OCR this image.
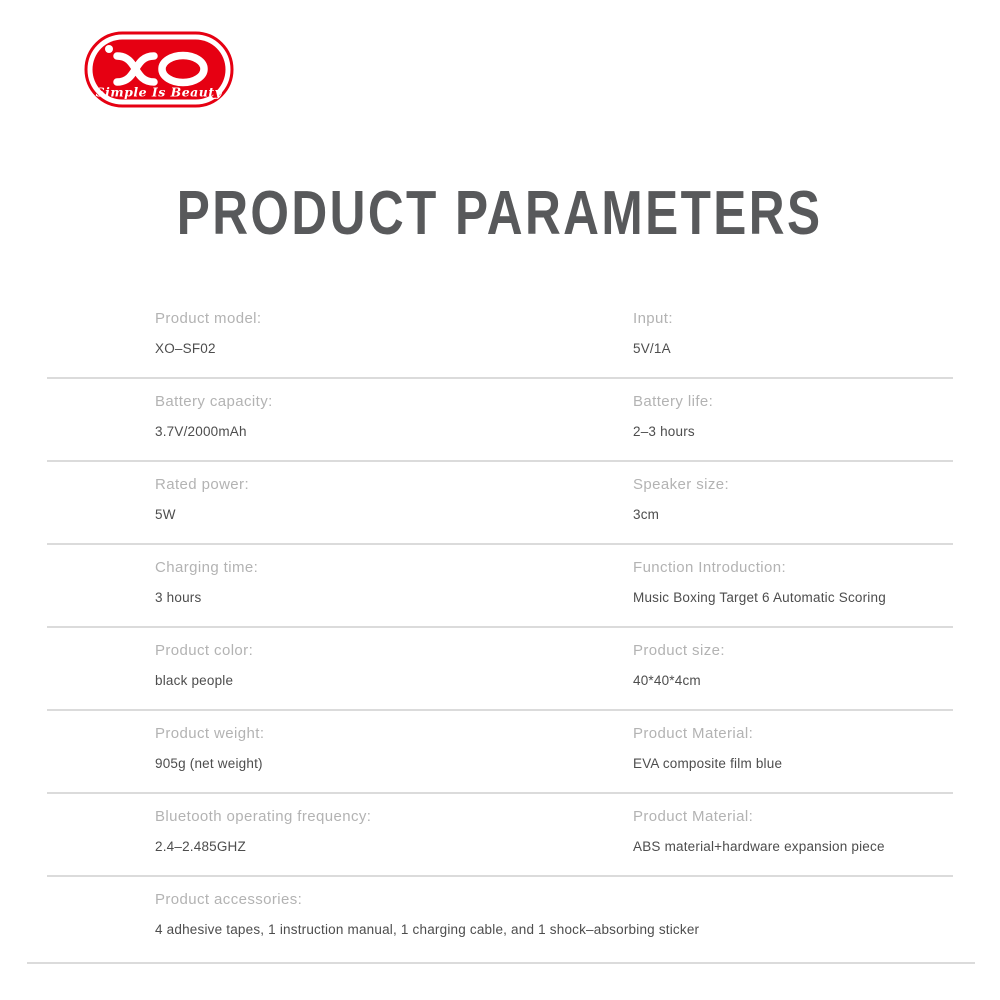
Simple Is Beauty
PRODUCT PARAMETERS
Product model:
XO–SF02
Input:
5V/1A
Battery capacity:
3.7V/2000mAh
Battery life:
2–3 hours
Rated power:
5W
Speaker size:
3cm
Charging time:
3 hours
Function Introduction:
Music Boxing Target 6 Automatic Scoring
Product color:
black people
Product size:
40*40*4cm
Product weight:
905g (net weight)
Product Material:
EVA composite film blue
Bluetooth operating frequency:
2.4–2.485GHZ
Product Material:
ABS material+hardware expansion piece
Product accessories:
4 adhesive tapes, 1 instruction manual, 1 charging cable, and 1 shock–absorbing sticker
